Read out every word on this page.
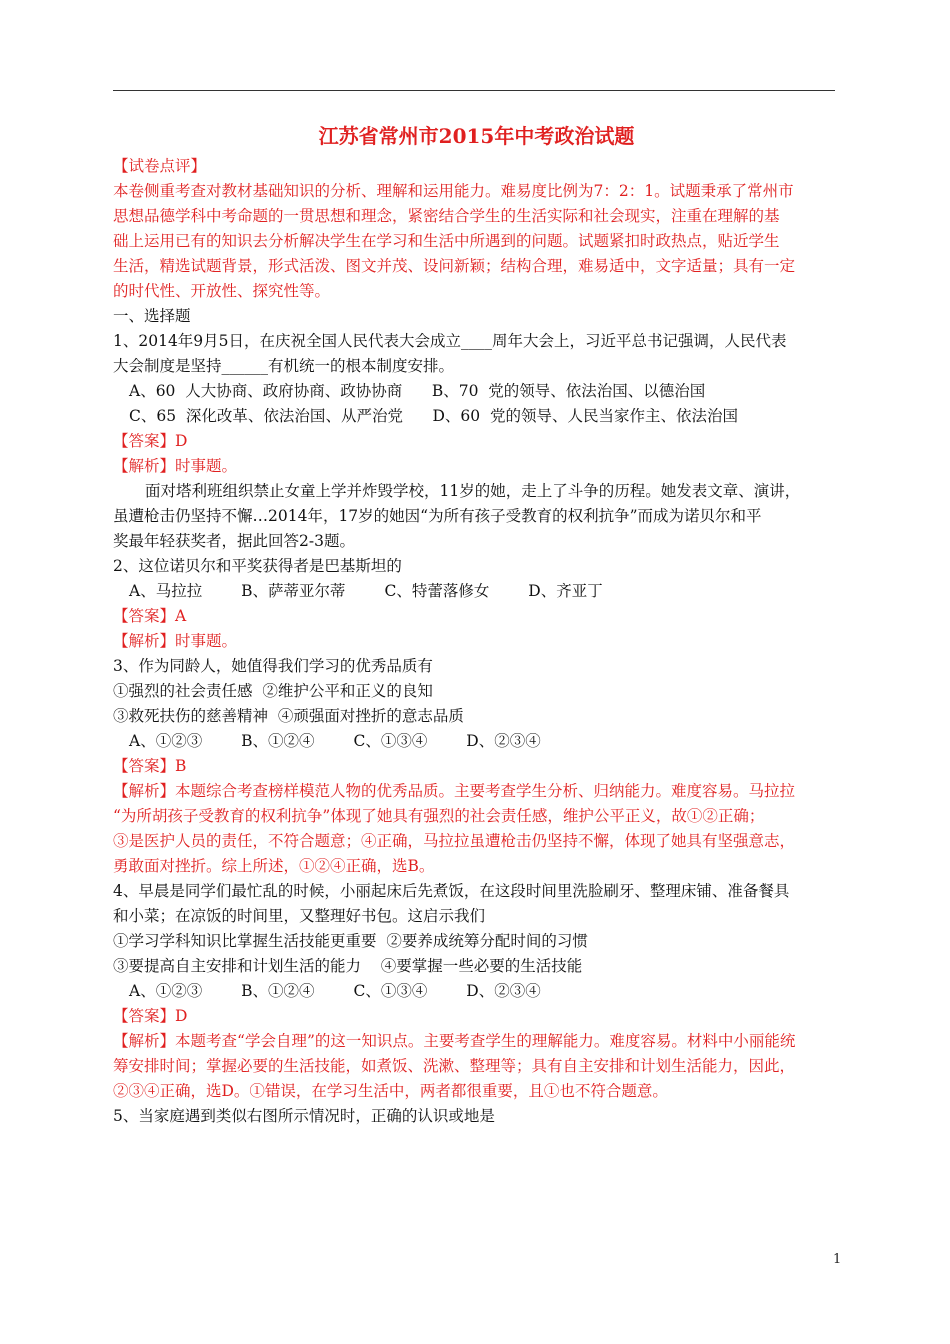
江苏省常州市2015年中考政治试题
【试卷点评】
本卷侧重考查对教材基础知识的分析、理解和运用能力。难易度比例为7：2：1。试题秉承了常州市
思想品德学科中考命题的一贯思想和理念，紧密结合学生的生活实际和社会现实，注重在理解的基
础上运用已有的知识去分析解决学生在学习和生活中所遇到的问题。试题紧扣时政热点，贴近学生
生活，精选试题背景，形式活泼、图文并茂、设问新颖；结构合理，难易适中，文字适量；具有一定
的时代性、开放性、探究性等。
一、选择题
1、2014年9月5日，在庆祝全国人民代表大会成立____周年大会上，习近平总书记强调，人民代表
大会制度是坚持______有机统一的根本制度安排。
A、60  人大协商、政府协商、政协协商      B、70  党的领导、依法治国、以德治国
C、65  深化改革、依法治国、从严治党      D、60  党的领导、人民当家作主、依法治国
【答案】D
【解析】时事题。
面对塔利班组织禁止女童上学并炸毁学校，11岁的她，走上了斗争的历程。她发表文章、演讲，
虽遭枪击仍坚持不懈…2014年，17岁的她因“为所有孩子受教育的权利抗争”而成为诺贝尔和平
奖最年轻获奖者，据此回答2-3题。
2、这位诺贝尔和平奖获得者是巴基斯坦的
A、马拉拉	B、萨蒂亚尔蒂	C、特蕾落修女	D、齐亚丁
【答案】A
【解析】时事题。
3、作为同龄人，她值得我们学习的优秀品质有
①强烈的社会责任感  ②维护公平和正义的良知
③救死扶伤的慈善精神  ④顽强面对挫折的意志品质
A、①②③	B、①②④	C、①③④	D、②③④
【答案】B
【解析】本题综合考查榜样模范人物的优秀品质。主要考查学生分析、归纳能力。难度容易。马拉拉
“为所胡孩子受教育的权利抗争”体现了她具有强烈的社会责任感，维护公平正义，故①②正确；
③是医护人员的责任，不符合题意；④正确，马拉拉虽遭枪击仍坚持不懈，体现了她具有坚强意志，
勇敢面对挫折。综上所述，①②④正确，选B。
4、早晨是同学们最忙乱的时候，小丽起床后先煮饭，在这段时间里洗脸刷牙、整理床铺、准备餐具
和小菜；在凉饭的时间里，又整理好书包。这启示我们
①学习学科知识比掌握生活技能更重要  ②要养成统筹分配时间的习惯
③要提高自主安排和计划生活的能力    ④要掌握一些必要的生活技能
A、①②③	B、①②④	C、①③④	D、②③④
【答案】D
【解析】本题考查“学会自理”的这一知识点。主要考查学生的理解能力。难度容易。材料中小丽能统
筹安排时间；掌握必要的生活技能，如煮饭、洗漱、整理等；具有自主安排和计划生活能力，因此，
②③④正确，选D。①错误，在学习生活中，两者都很重要，且①也不符合题意。
5、当家庭遇到类似右图所示情况时，正确的认识或地是
1
